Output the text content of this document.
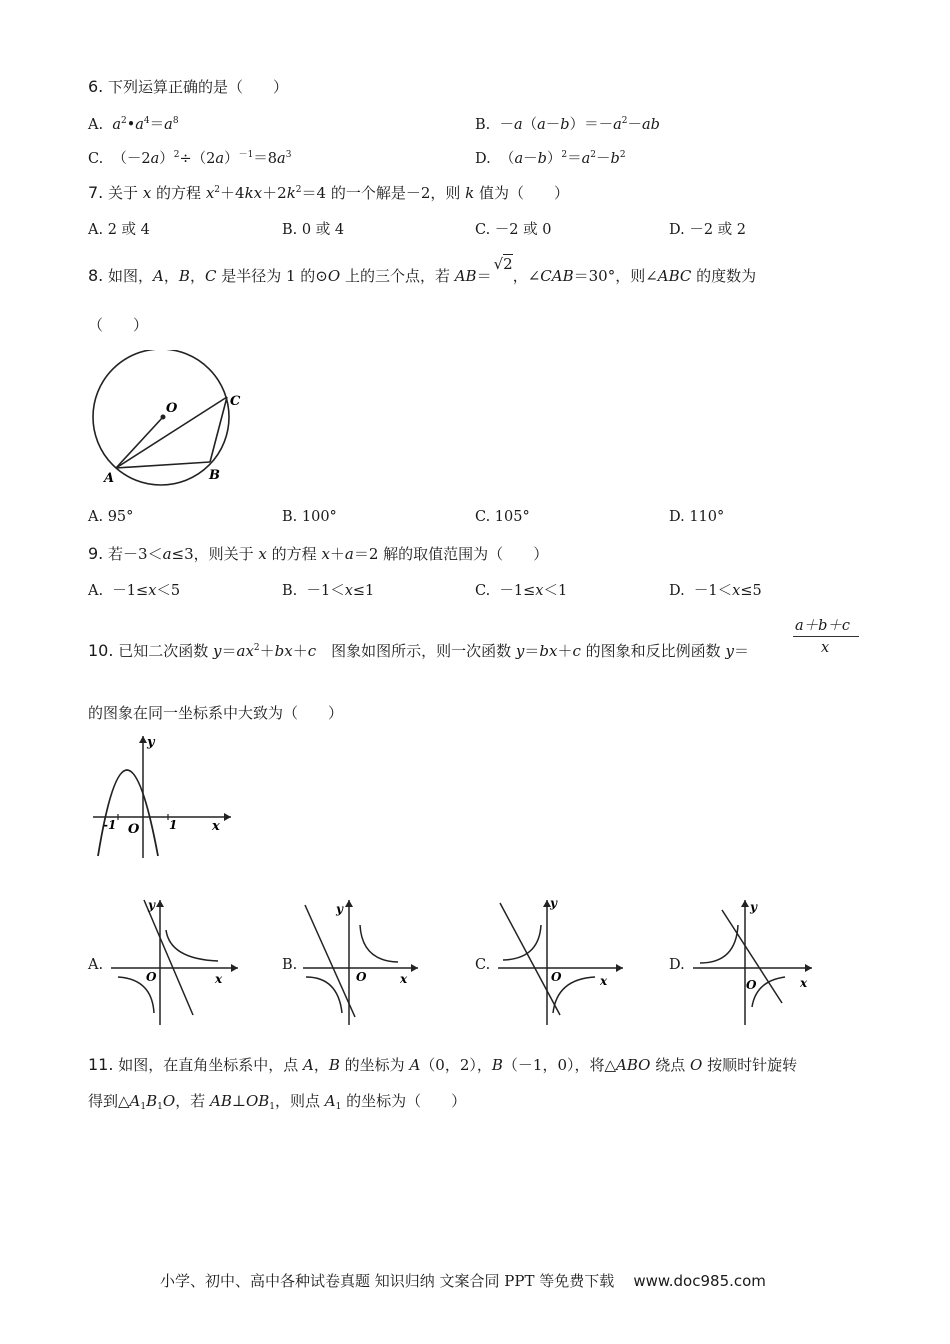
6. 下列运算正确的是（　　）
A. $a^2•a^4=a^8$	B.  $-a(a-b)=-a^2-ab$
C.  $(-2a)^2\div(2a)^{-1}=8a^3$	D.  $(a-b)^2=a^2-b^2$
7. 关于 x 的方程 $x^2+4kx+2k^2=4$ 的一个解是－2，则 k 值为（　　）
A. 2 或 4	B. 0 或 4	C. －2 或 0	D. －2 或 2
8. 如图，A，B，C 是半径为 1 的⊙O 上的三个点，若 AB＝√2，∠CAB＝30°，则∠ABC 的度数为
（　　）
O
A	B
C
A. 95°	B. 100°	C. 105°	D. 110°
9. 若－3＜a≤3，则关于 x 的方程 x＋a＝2 解的取值范围为（　　）
A.  －1≤x＜5	B.  －1＜x≤1	C.  －1≤x＜1	D.  －1＜x≤5
10. 已知二次函数 $y=ax^2+bx+c$　图象如图所示，则一次函数 y＝bx＋c 的图象和反比例函数 y＝
a＋b＋c
x
的图象在同一坐标系中大致为（　　）
y
x
O
-1	1
A.
y
x
O
B.
y
x
O
C.
y
x
O
D.
y
x
O
11. 如图，在直角坐标系中，点 A，B 的坐标为 A（0，2），B（－1，0），将△ABO 绕点 O 按顺时针旋转
得到$\triangle A_1B_1O$，若 $AB\perp OB_1$，则点 $A_1$ 的坐标为（　　）
小学、初中、高中各种试卷真题 知识归纳 文案合同 PPT 等免费下载 www.doc985.com
